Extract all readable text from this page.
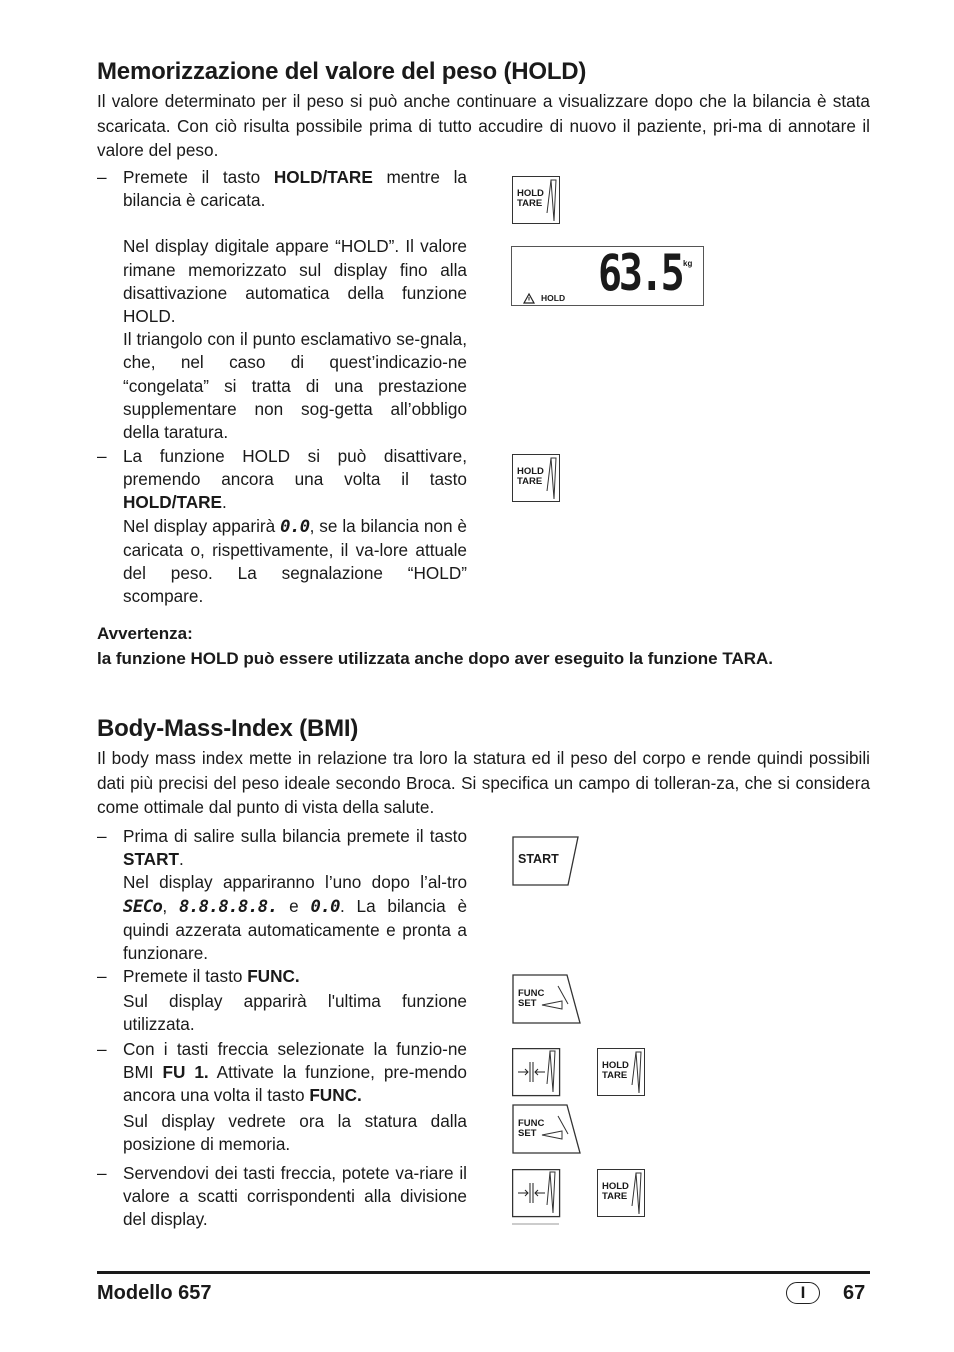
Memorizzazione del valore del peso (HOLD)
Il valore determinato per il peso si può anche continuare a visualizzare dopo che la bilancia è stata scaricata. Con ciò risulta possibile prima di tutto accudire di nuovo il paziente, pri-ma di annotare il valore del peso.
– Premete il tasto HOLD/TARE mentre la bilancia è caricata.

Nel display digitale appare “HOLD”. Il valore rimane memorizzato sul display fino alla disattivazione automatica della funzione HOLD.

Il triangolo con il punto esclamativo se-gnala, che, nel caso di quest’indicazio-ne “congelata” si tratta di una prestazione supplementare non sog-getta all’obbligo della taratura.

– La funzione HOLD si può disattivare, premendo ancora una volta il tasto HOLD/TARE.

Nel display apparirà 0.0, se la bilancia non è caricata o, rispettivamente, il va-lore attuale del peso. La segnalazione “HOLD” scompare.

HOLD
TARE
HOLD 63.5 kg
HOLD
TARE
Avvertenza:
la funzione HOLD può essere utilizzata anche dopo aver eseguito la funzione TARA.
Body-Mass-Index (BMI)
Il body mass index mette in relazione tra loro la statura ed il peso del corpo e rende quindi possibili dati più precisi del peso ideale secondo Broca. Si specifica un campo di tolleran-za, che si considera come ottimale dal punto di vista della salute.
– Prima di salire sulla bilancia premete il tasto START.

Nel display appariranno l’uno dopo l’al-tro SECo, 8.8.8.8.8. e 0.0. La bilancia è quindi azzerata automaticamente e pronta a funzionare.

– Premete il tasto FUNC.

Sul display apparirà l'ultima funzione utilizzata.

– Con i tasti freccia selezionate la funzio-ne BMI FU 1. Attivate la funzione, pre-mendo ancora una volta il tasto FUNC.

Sul display vedrete ora la statura dalla posizione di memoria.

– Servendovi dei tasti freccia, potete va-riare il valore a scatti corrispondenti alla divisione del display.

START
FUNC
SET
HOLD
TARE
FUNC
SET
HOLD
TARE
Modello 657	I	67
